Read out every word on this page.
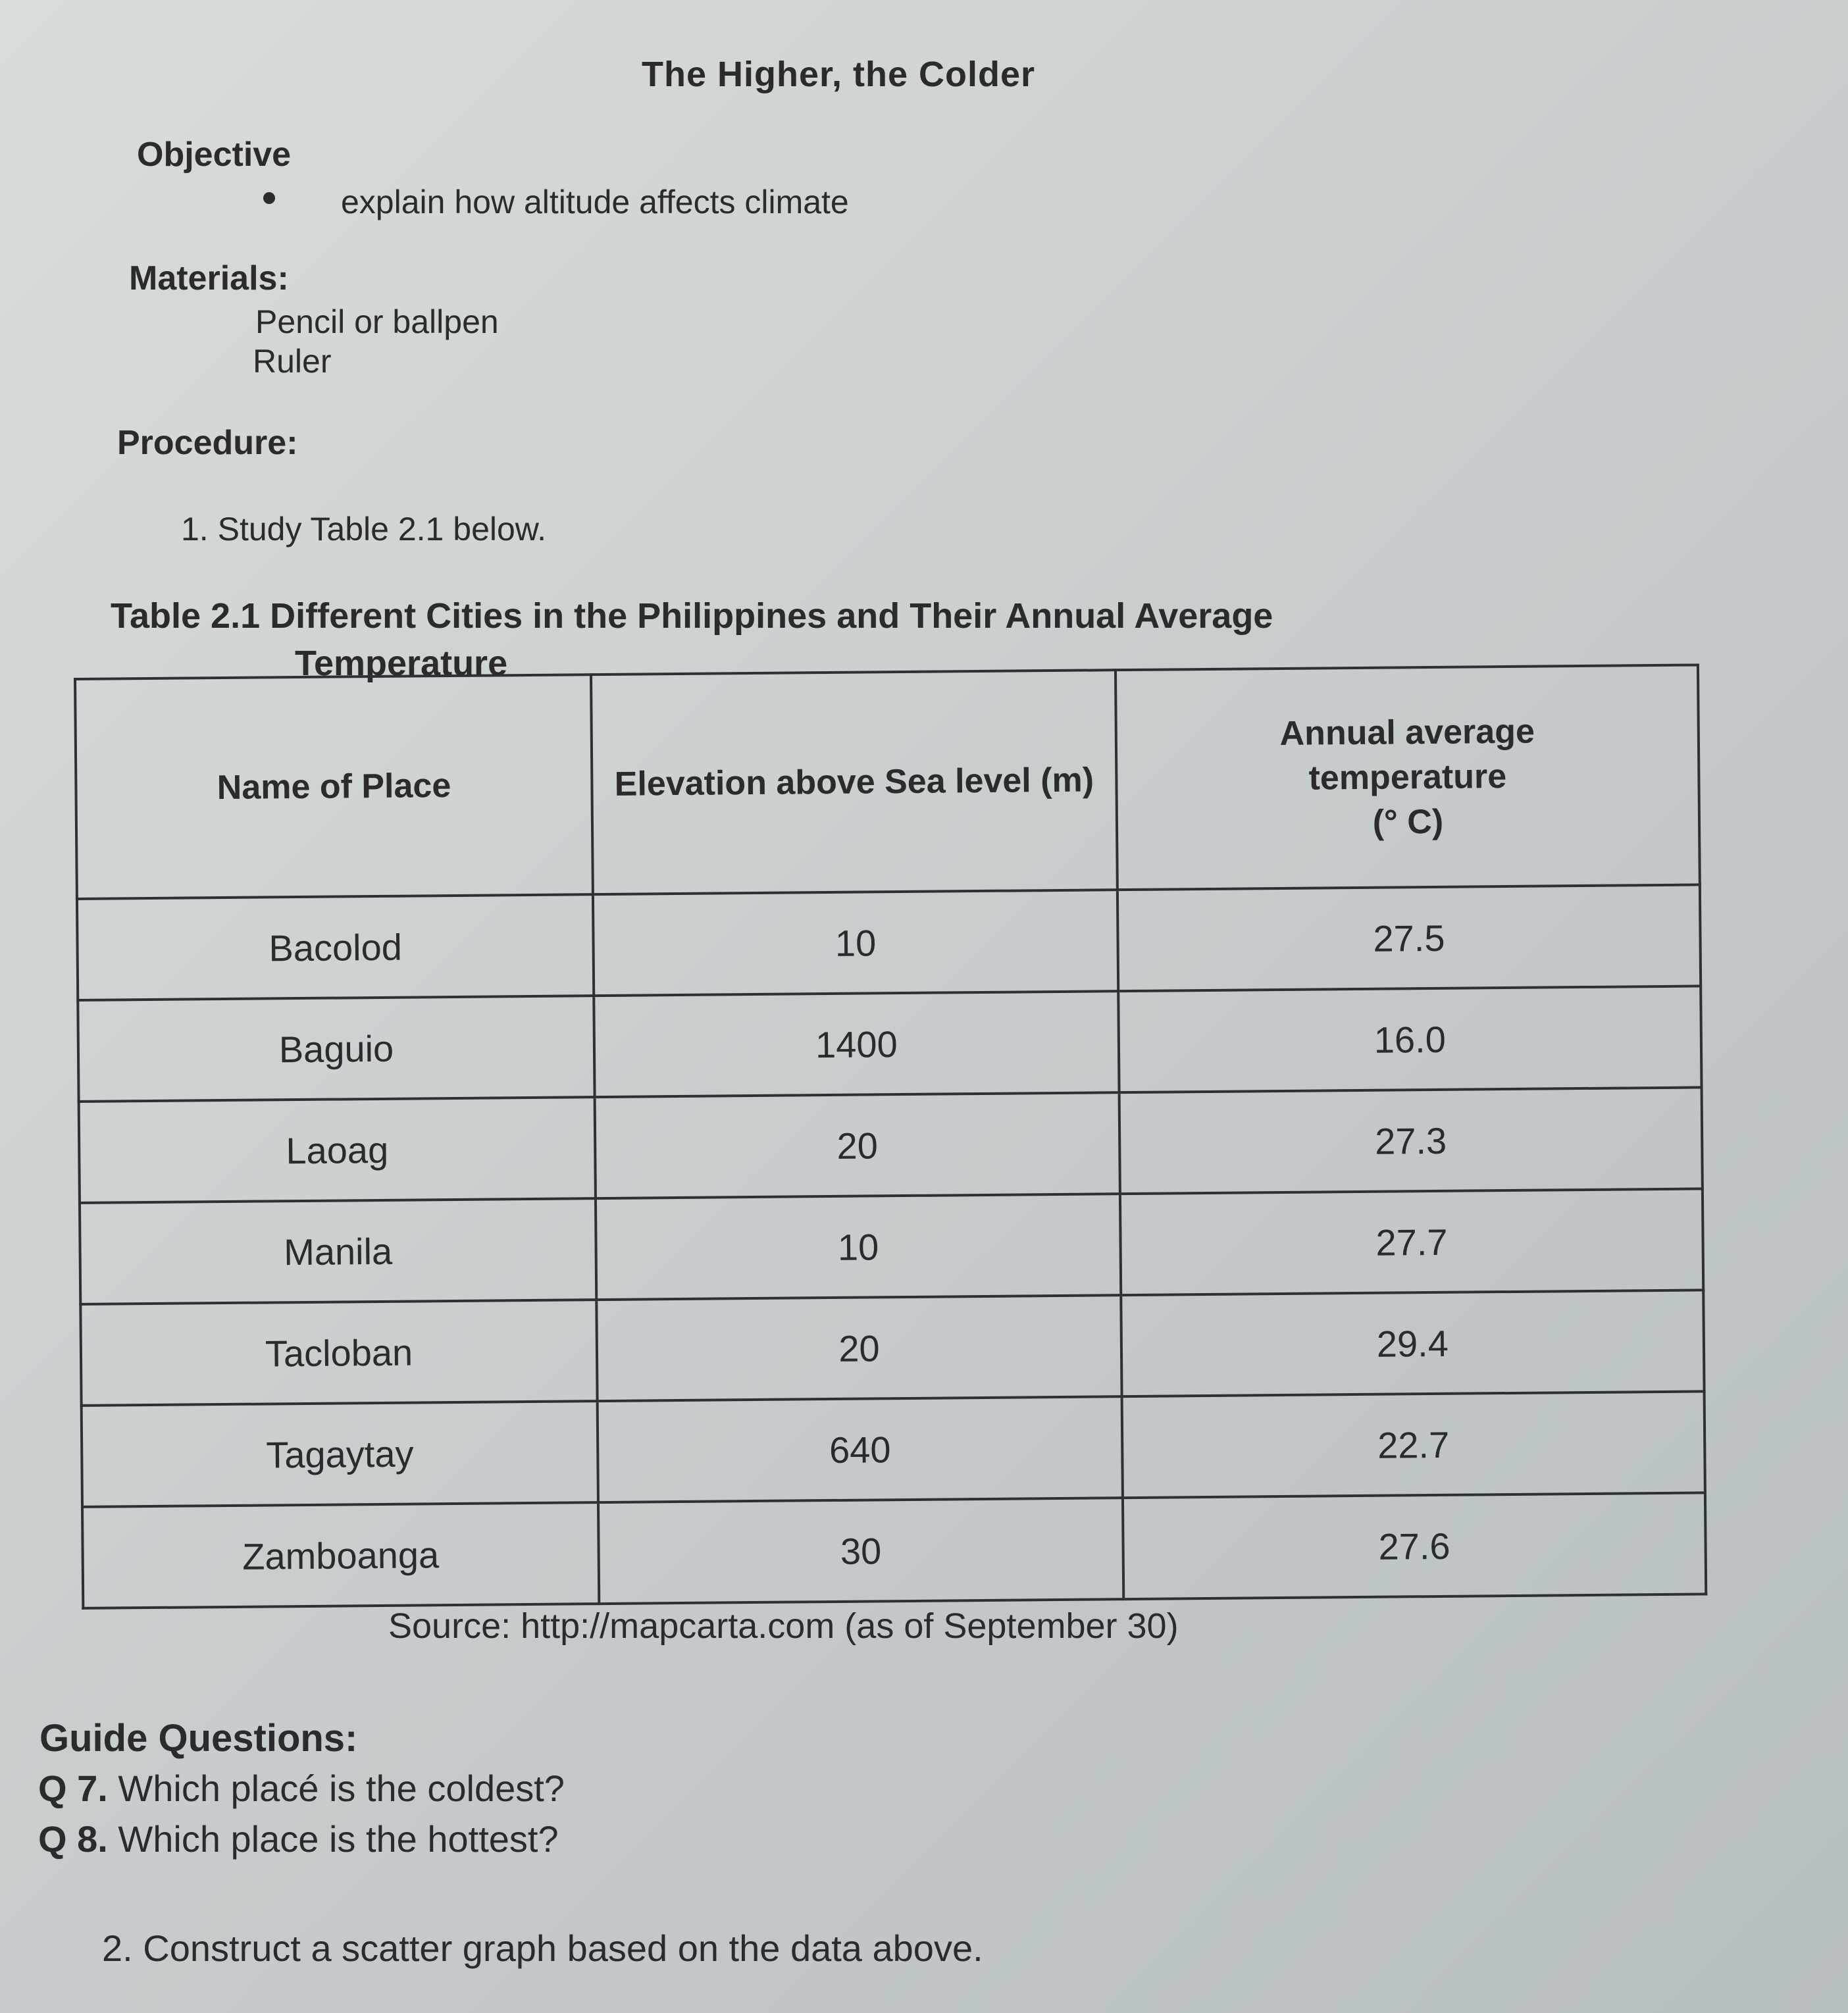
The Higher, the Colder
Objective
explain how altitude affects climate
Materials:
Pencil or ballpen
Ruler
Procedure:
1. Study Table 2.1 below.
Table 2.1 Different Cities in the Philippines and Their Annual Average
Temperature
Name of Place	Elevation above Sea level (m)	Annual average
temperature
(° C)
Bacolod	10	27.5
Baguio	1400	16.0
Laoag	20	27.3
Manila	10	27.7
Tacloban	20	29.4
Tagaytay	640	22.7
Zamboanga	30	27.6
Source: http://mapcarta.com (as of September 30)
Guide Questions:
Q 7. Which placé is the coldest?
Q 8. Which place is the hottest?
2. Construct a scatter graph based on the data above.
